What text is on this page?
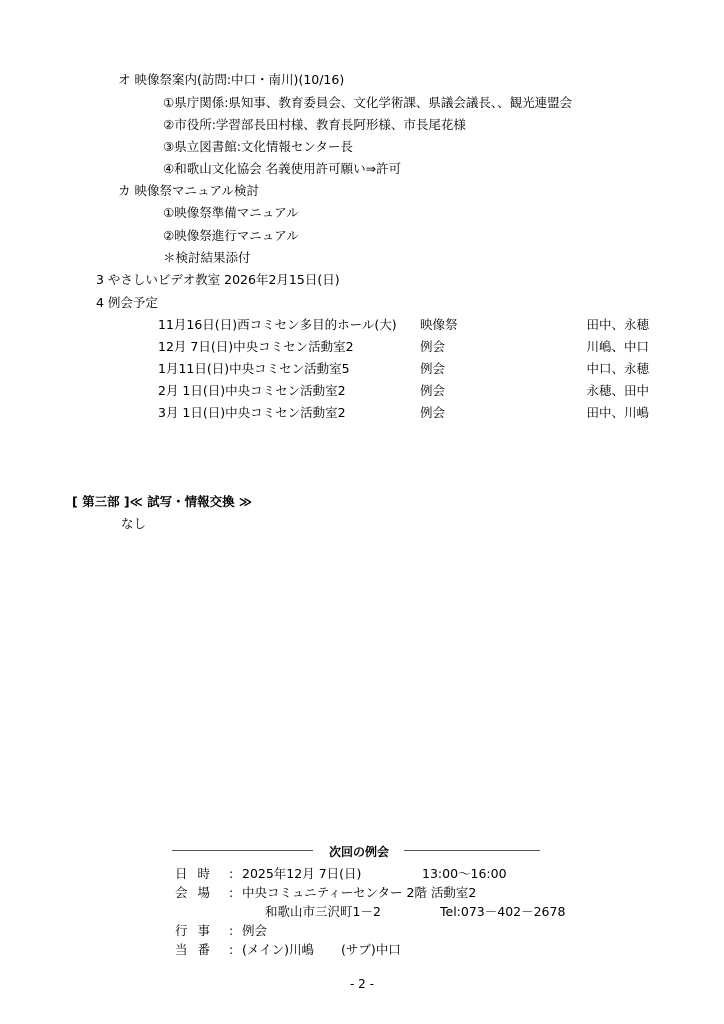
オ 映像祭案内(訪問:中口・南川)(10/16)
①県庁関係:県知事、教育委員会、文化学術課、県議会議長、、観光連盟会
②市役所:学習部長田村様、教育長阿形様、市長尾花様
③県立図書館:文化情報センター長
④和歌山文化協会 名義使用許可願い⇒許可
カ 映像祭マニュアル検討
①映像祭準備マニュアル
②映像祭進行マニュアル
＊検討結果添付
3 やさしいビデオ教室 2026年2月15日(日)
4 例会予定
11月16日(日)西コミセン多目的ホール(大) 映像祭	田中、永穂
12月 7日(日)中央コミセン活動室2	例会	川嶋、中口
1月11日(日)中央コミセン活動室5	例会	中口、永穂
2月 1日(日)中央コミセン活動室2	例会	永穂、田中
3月 1日(日)中央コミセン活動室2	例会	田中、川嶋
[ 第三部 ]≪ 試写・情報交換 ≫
なし
次回の例会
日時 : 2025年12月 7日(日)	13:00～16:00
会場 : 中央コミュニティーセンター 2階 活動室2
和歌山市三沢町1－2	Tel:073－402－2678
行事 : 例会
当番 : (メイン)川嶋 (サブ)中口
- 2 -
